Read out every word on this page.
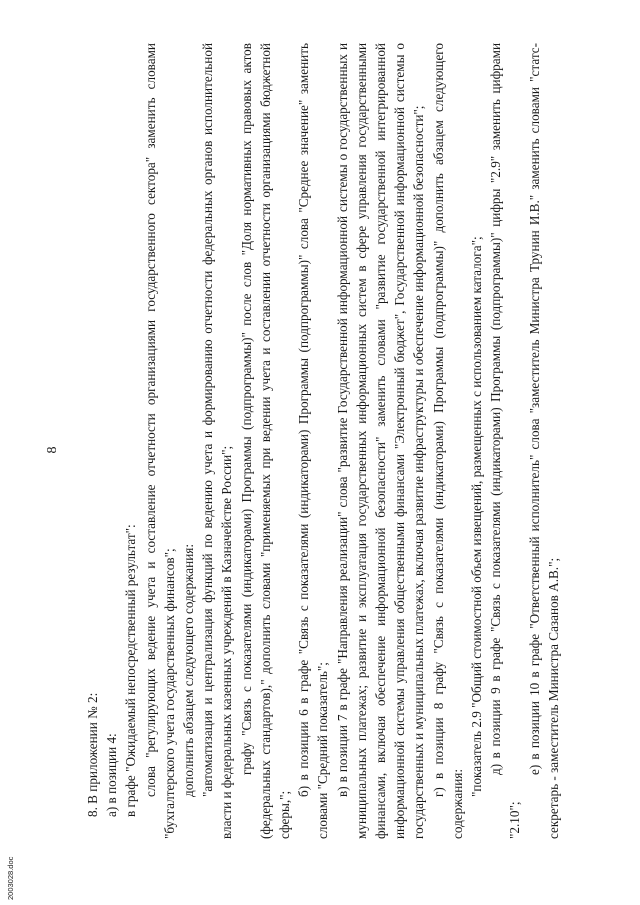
8

8. В приложении № 2: а) в позиции 4: в графе "Ожидаемый непосредственный результат": слова "регулирующих ведение учета и составление отчетности организациями государственного сектора" заменить словами "бухгалтерского учета государственных финансов"; дополнить абзацем следующего содержания: "автоматизация и централизация функций по ведению учета и формированию отчетности федеральных органов исполнительной власти и федеральных казенных учреждений в Казначействе России"; графу "Связь с показателями (индикаторами) Программы (подпрограммы)" после слов "Доля нормативных правовых актов (федеральных стандартов)," дополнить словами "применяемых при ведении учета и составлении отчетности организациями бюджетной сферы,";

б) в позиции 6 в графе "Связь с показателями (индикаторами) Программы (подпрограммы)" слова "Среднее значение" заменить словами "Средний показатель"; в) в позиции 7 в графе "Направления реализации" слова "развитие Государственной информационной системы о государственных и муниципальных платежах; развитие и эксплуатация государственных информационных систем в сфере управления государственными финансами, включая обеспечение информационной безопасности" заменить словами "развитие государственной интегрированной информационной системы управления общественными финансами "Электронный бюджет", Государственной информационной системы о государственных и муниципальных платежах, включая развитие инфраструктуры и обеспечение информационной безопасности"; г) в позиции 8 графу "Связь с показателями (индикаторами) Программы (подпрограммы)" дополнить абзацем следующего содержания:

"показатель 2.9 "Общий стоимостной объем извещений, размещенных с использованием каталога"; д) в позиции 9 в графе "Связь с показателями (индикаторами) Программы (подпрограммы)" цифры "2.9" заменить цифрами "2.10";

е) в позиции 10 в графе "Ответственный исполнитель" слова "заместитель Министра Трунин И.В." заменить словами "статс-секретарь - заместитель Министра Сазанов А.В.";

2003028.doc
